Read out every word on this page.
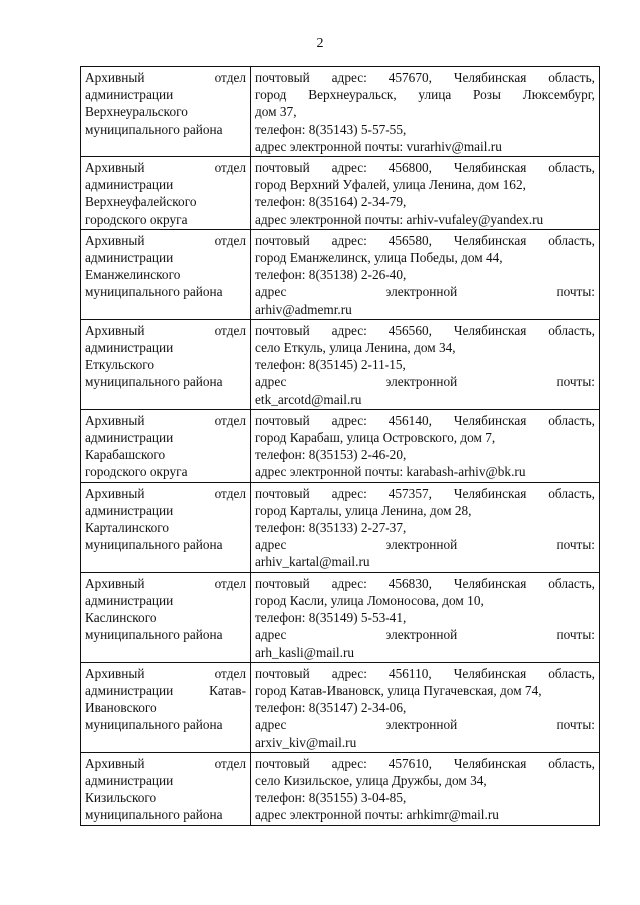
2
Архивный отдел
администрации
Верхнеуральского
муниципального района	почтовый адрес: 457670, Челябинская область,
город Верхнеуральск, улица Розы Люксембург,
дом 37,
телефон: 8(35143) 5-57-55,
адрес электронной почты: vurarhiv@mail.ru

Архивный отдел
администрации
Верхнеуфалейского
городского округа	почтовый адрес: 456800, Челябинская область,
город Верхний Уфалей, улица Ленина, дом 162,
телефон: 8(35164) 2-34-79,
адрес электронной почты: arhiv-vufaley@yandex.ru

Архивный отдел
администрации
Еманжелинского
муниципального района	почтовый адрес: 456580, Челябинская область,
город Еманжелинск, улица Победы, дом 44,
телефон: 8(35138) 2-26-40,
адрес электронной почты:
arhiv@admemr.ru

Архивный отдел
администрации
Еткульского
муниципального района	почтовый адрес: 456560, Челябинская область,
село Еткуль, улица Ленина, дом 34,
телефон: 8(35145) 2-11-15,
адрес электронной почты:
etk_arcotd@mail.ru

Архивный отдел
администрации
Карабашского
городского округа	почтовый адрес: 456140, Челябинская область,
город Карабаш, улица Островского, дом 7,
телефон: 8(35153) 2-46-20,
адрес электронной почты: karabash-arhiv@bk.ru

Архивный отдел
администрации
Карталинского
муниципального района	почтовый адрес: 457357, Челябинская область,
город Карталы, улица Ленина, дом 28,
телефон: 8(35133) 2-27-37,
адрес электронной почты:
arhiv_kartal@mail.ru

Архивный отдел
администрации
Каслинского
муниципального района	почтовый адрес: 456830, Челябинская область,
город Касли, улица Ломоносова, дом 10,
телефон: 8(35149) 5-53-41,
адрес электронной почты:
arh_kasli@mail.ru

Архивный отдел
администрации Катав-
Ивановского
муниципального района	почтовый адрес: 456110, Челябинская область,
город Катав-Ивановск, улица Пугачевская, дом 74,
телефон: 8(35147) 2-34-06,
адрес электронной почты:
arxiv_kiv@mail.ru

Архивный отдел
администрации
Кизильского
муниципального района	почтовый адрес: 457610, Челябинская область,
село Кизильское, улица Дружбы, дом 34,
телефон: 8(35155) 3-04-85,
адрес электронной почты: arhkimr@mail.ru
